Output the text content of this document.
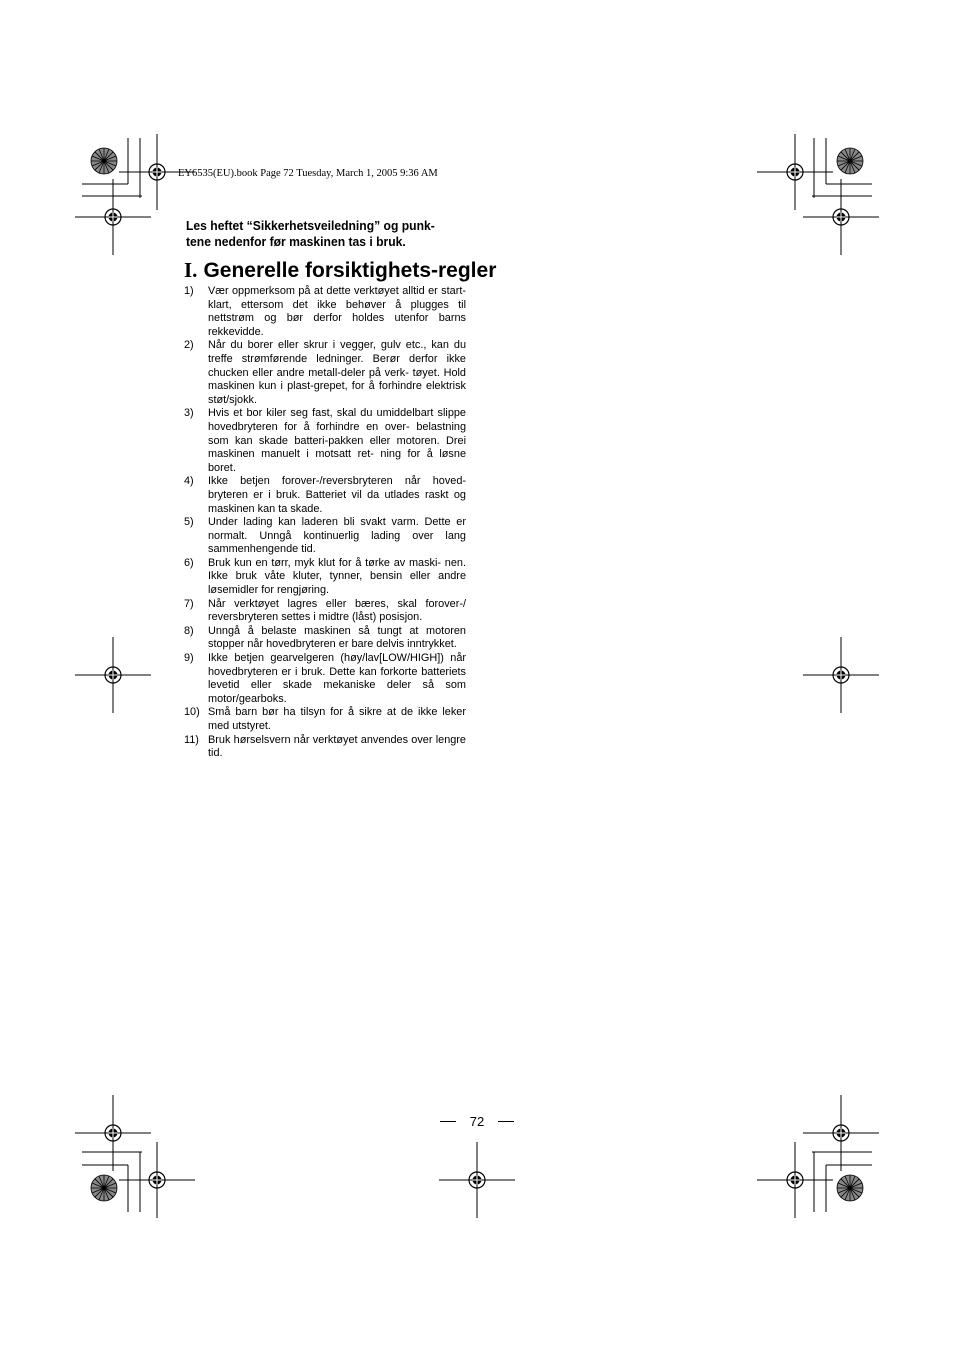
EY6535(EU).book Page 72 Tuesday, March 1, 2005 9:36 AM
Les heftet “Sikkerhetsveiledning” og punk- tene nedenfor før maskinen tas i bruk.
I. Generelle forsiktighets-regler
1)	Vær oppmerksom på at dette verktøyet alltid er start-klart, ettersom det ikke behøver å plugges til nettstrøm og bør derfor holdes utenfor barns rekkevidde.
2)	Når du borer eller skrur i vegger, gulv etc., kan du treffe strømførende ledninger. Berør derfor ikke chucken eller andre metall-deler på verk- tøyet. Hold maskinen kun i plast-grepet, for å forhindre elektrisk støt/sjokk.
3)	Hvis et bor kiler seg fast, skal du umiddelbart slippe hovedbryteren for å forhindre en over- belastning som kan skade batteri-pakken eller motoren. Drei maskinen manuelt i motsatt ret- ning for å løsne boret.
4)	Ikke betjen forover-/reversbryteren når hoved- bryteren er i bruk. Batteriet vil da utlades raskt og maskinen kan ta skade.
5)	Under lading kan laderen bli svakt varm. Dette er normalt. Unngå kontinuerlig lading over lang sammenhengende tid.
6)	Bruk kun en tørr, myk klut for å tørke av maski- nen. Ikke bruk våte kluter, tynner, bensin eller andre løsemidler for rengjøring.
7)	Når verktøyet lagres eller bæres, skal forover-/ reversbryteren settes i midtre (låst) posisjon.
8)	Unngå å belaste maskinen så tungt at motoren stopper når hovedbryteren er bare delvis inntrykket.
9)	Ikke betjen gearvelgeren (høy/lav[LOW/HIGH]) når hovedbryteren er i bruk. Dette kan forkorte batteriets levetid eller skade mekaniske deler så som motor/gearboks.
10) Små barn bør ha tilsyn for å sikre at de ikke leker med utstyret.
11) Bruk hørselsvern når verktøyet anvendes over lengre tid.
72
